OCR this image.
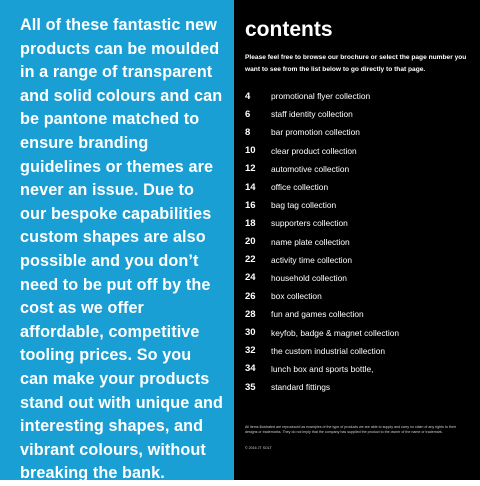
All of these fantastic new products can be moulded in a range of transparent and solid colours and can be pantone matched to ensure branding guidelines or themes are never an issue. Due to our bespoke capabilities custom shapes are also possible and you don’t need to be put off by the cost as we offer affordable, competitive tooling prices. So you can make your products stand out with unique and interesting shapes, and vibrant colours, without breaking the bank.

contents

Please feel free to browse our brochure or select the page number you want to see from the list below to go directly to that page.

4	promotional flyer collection
6	staff identity collection
8	bar promotion collection
10	clear product collection
12	automotive collection
14	office collection
16	bag tag collection
18	supporters collection
20	name plate collection
22	activity time collection
24	household collection
26	box collection
28	fun and games collection
30	keyfob, badge & magnet collection
32	the custom industrial collection
34	lunch box and sports bottle,
35	standard fittings
All items illustrated are reproduced as examples of the type of products we are able to supply and carry no claim of any rights to their designs or trademarks. They do not imply that the company has supplied the product to the owner of the name or trademark.
© 2016 JT SOLT
